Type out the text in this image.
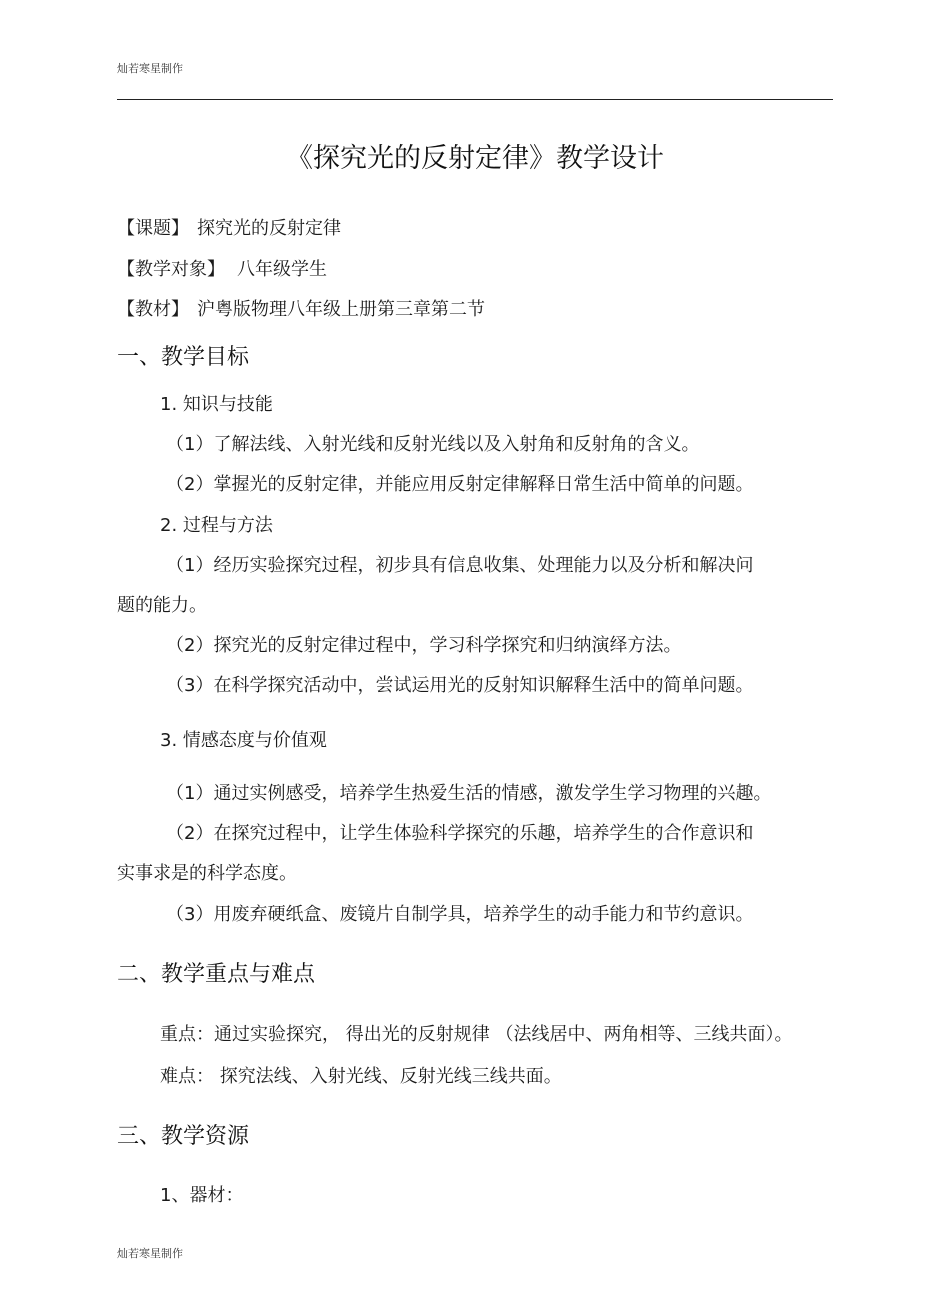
灿若寒星制作
《探究光的反射定律》教学设计
【课题】 探究光的反射定律
【教学对象】 八年级学生
【教材】 沪粤版物理八年级上册第三章第二节
一、教学目标
1. 知识与技能
（1）了解法线、入射光线和反射光线以及入射角和反射角的含义。
（2）掌握光的反射定律，并能应用反射定律解释日常生活中简单的问题。
2. 过程与方法
（1）经历实验探究过程，初步具有信息收集、处理能力以及分析和解决问
题的能力。
（2）探究光的反射定律过程中，学习科学探究和归纳演绎方法。
（3）在科学探究活动中，尝试运用光的反射知识解释生活中的简单问题。
3. 情感态度与价值观
（1）通过实例感受，培养学生热爱生活的情感，激发学生学习物理的兴趣。
（2）在探究过程中，让学生体验科学探究的乐趣，培养学生的合作意识和
实事求是的科学态度。
（3）用废弃硬纸盒、废镜片自制学具，培养学生的动手能力和节约意识。
二、教学重点与难点
重点：通过实验探究， 得出光的反射规律 （法线居中、两角相等、三线共面）。
难点： 探究法线、入射光线、反射光线三线共面。
三、教学资源
1、器材：
灿若寒星制作
